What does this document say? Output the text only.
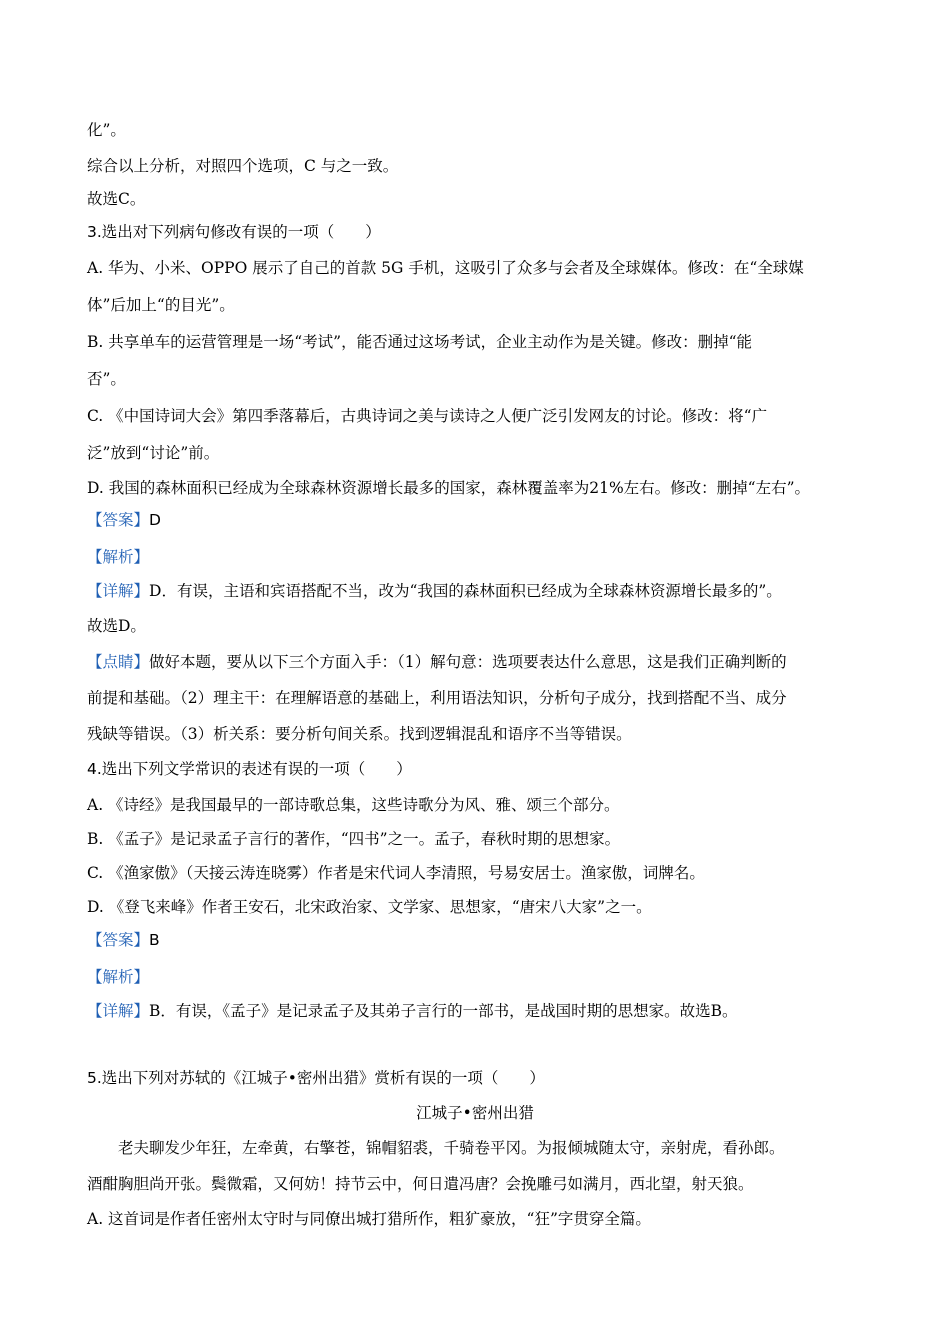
化”。
综合以上分析，对照四个选项，C 与之一致。
故选C。
3.选出对下列病句修改有误的一项（　　）
A. 华为、小米、OPPO 展示了自己的首款 5G 手机，这吸引了众多与会者及全球媒体。修改：在“全球媒
体”后加上“的目光”。
B. 共享单车的运营管理是一场“考试”，能否通过这场考试，企业主动作为是关键。修改：删掉“能
否”。
C. 《中国诗词大会》第四季落幕后，古典诗词之美与读诗之人便广泛引发网友的讨论。修改：将“广
泛”放到“讨论”前。
D. 我国的森林面积已经成为全球森林资源增长最多的国家，森林覆盖率为21%左右。修改：删掉“左右”。
【答案】D
【解析】
【详解】D．有误，主语和宾语搭配不当，改为“我国的森林面积已经成为全球森林资源增长最多的”。
故选D。
【点睛】做好本题，要从以下三个方面入手：（1）解句意：选项要表达什么意思，这是我们正确判断的
前提和基础。（2）理主干：在理解语意的基础上，利用语法知识，分析句子成分，找到搭配不当、成分
残缺等错误。（3）析关系：要分析句间关系。找到逻辑混乱和语序不当等错误。
4.选出下列文学常识的表述有误的一项（　　）
A. 《诗经》是我国最早的一部诗歌总集，这些诗歌分为风、雅、颂三个部分。
B. 《孟子》是记录孟子言行的著作，“四书”之一。孟子，春秋时期的思想家。
C. 《渔家傲》（天接云涛连晓雾）作者是宋代词人李清照，号易安居士。渔家傲，词牌名。
D. 《登飞来峰》作者王安石，北宋政治家、文学家、思想家，“唐宋八大家”之一。
【答案】B
【解析】
【详解】B．有误，《孟子》是记录孟子及其弟子言行的一部书，是战国时期的思想家。故选B。
5.选出下列对苏轼的《江城子•密州出猎》赏析有误的一项（　　）
江城子•密州出猎
老夫聊发少年狂，左牵黄，右擎苍，锦帽貂裘，千骑卷平冈。为报倾城随太守，亲射虎，看孙郎。
酒酣胸胆尚开张。鬓微霜，又何妨！持节云中，何日遣冯唐？会挽雕弓如满月，西北望，射天狼。
A. 这首词是作者任密州太守时与同僚出城打猎所作，粗犷豪放，“狂”字贯穿全篇。
